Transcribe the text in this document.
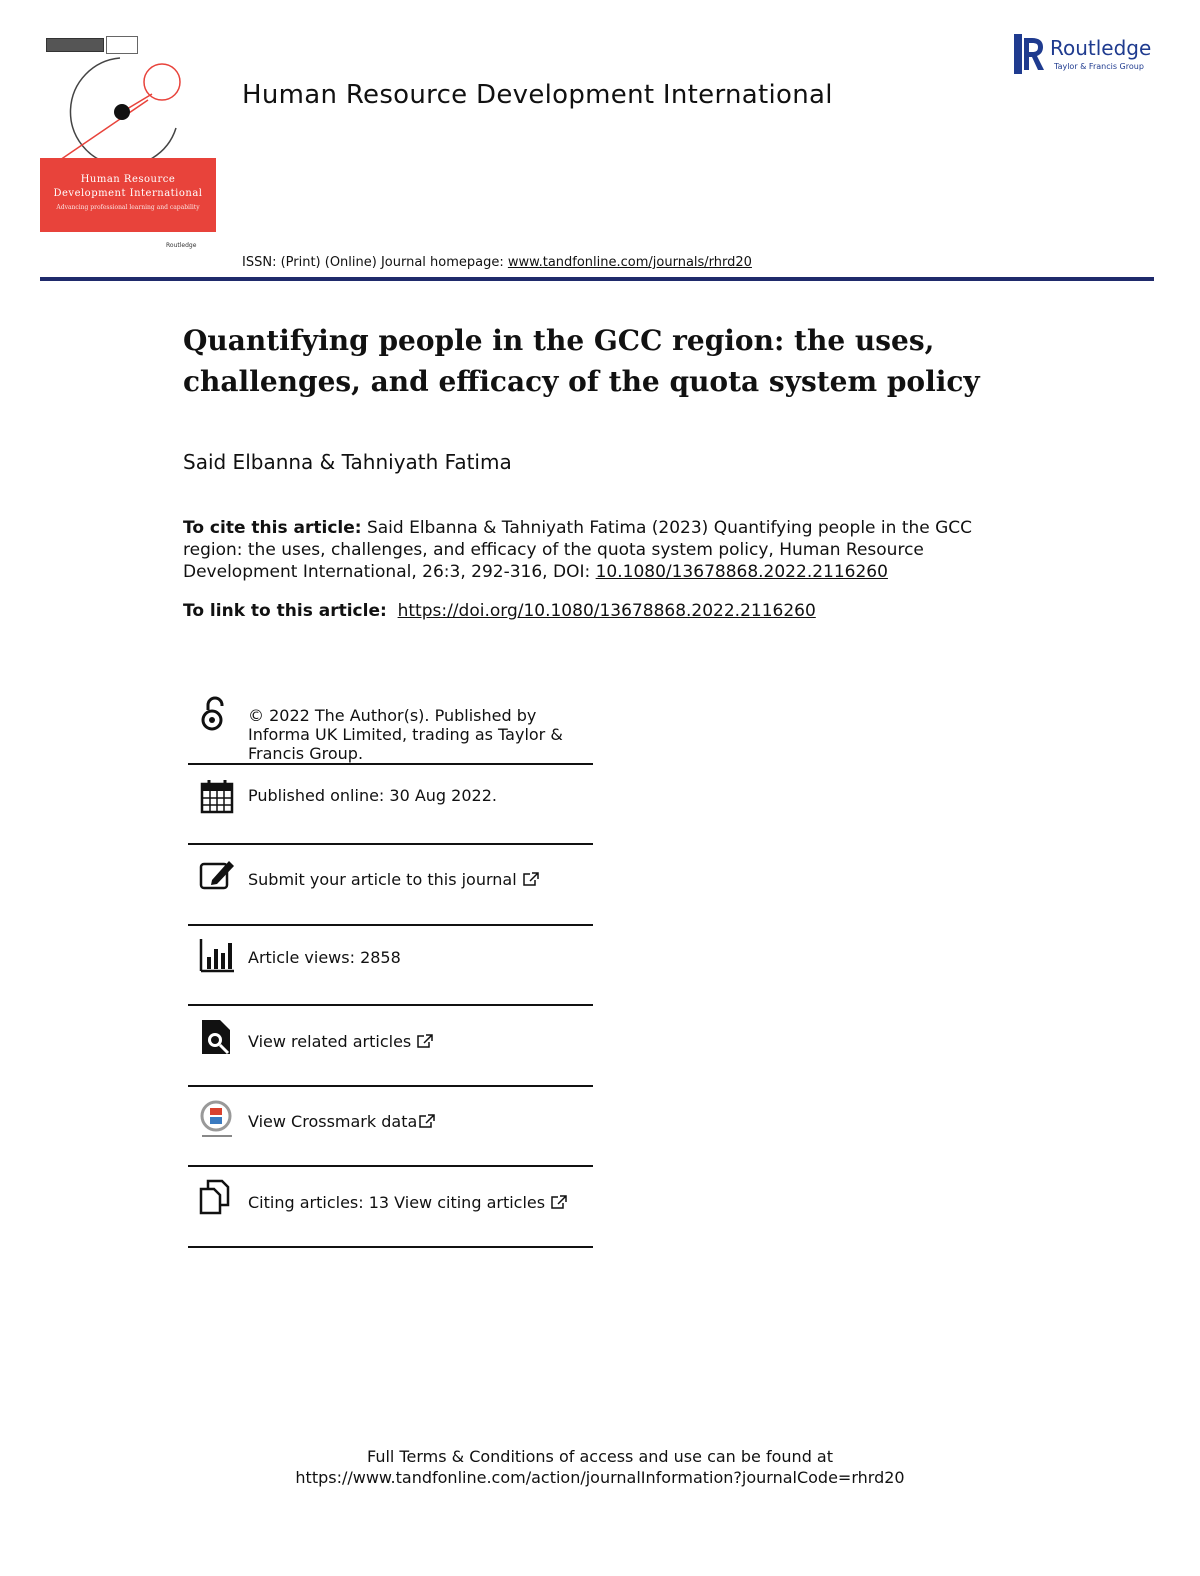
Human Resource
Development International
Advancing professional learning and capability
Routledge
Human Resource Development International
Routledge
Taylor & Francis Group
ISSN: (Print) (Online) Journal homepage: www.tandfonline.com/journals/rhrd20
Quantifying people in the GCC region: the uses, challenges, and efficacy of the quota system policy
Said Elbanna & Tahniyath Fatima
To cite this article: Said Elbanna & Tahniyath Fatima (2023) Quantifying people in the GCC region: the uses, challenges, and efficacy of the quota system policy, Human Resource Development International, 26:3, 292-316, DOI: 10.1080/13678868.2022.2116260
To link to this article: https://doi.org/10.1080/13678868.2022.2116260
© 2022 The Author(s). Published by Informa UK Limited, trading as Taylor & Francis Group.
Published online: 30 Aug 2022.
Submit your article to this journal
Article views: 2858
View related articles
View Crossmark data
Citing articles: 13 View citing articles
Full Terms & Conditions of access and use can be found at
https://www.tandfonline.com/action/journalInformation?journalCode=rhrd20
